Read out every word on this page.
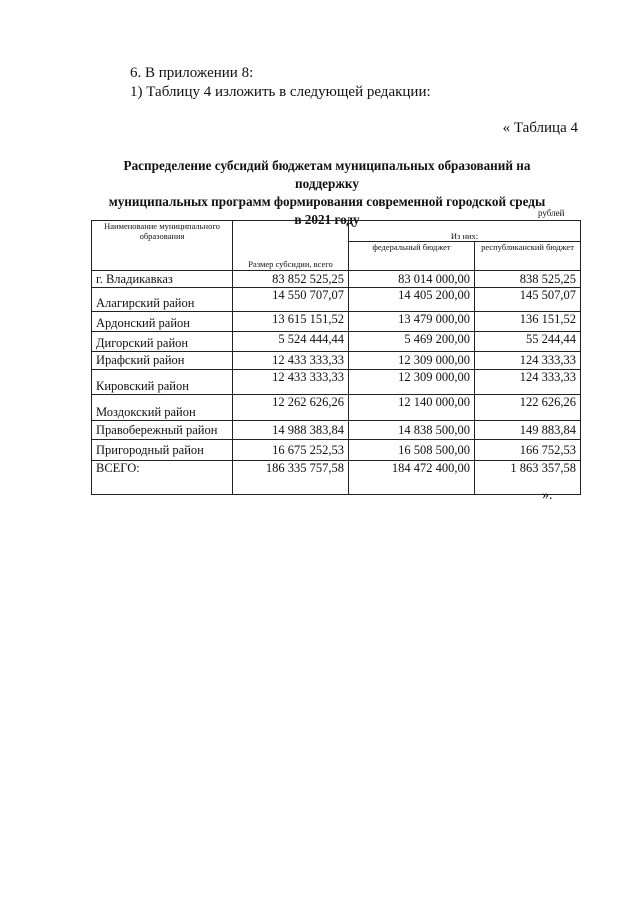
6. В приложении 8:
1) Таблицу 4 изложить в следующей редакции:
« Таблица 4
Распределение субсидий бюджетам муниципальных образований на поддержку
муниципальных программ формирования современной городской среды
в 2021 году	рублей
Наименование муниципального образования	Размер субсидии, всего	Из них:	
		федеральный бюджет	республиканский бюджет
г. Владикавказ	83 852 525,25	83 014 000,00	838 525,25
Алагирский район	14 550 707,07	14 405 200,00	145 507,07
Ардонский район	13 615 151,52	13 479 000,00	136 151,52
Дигорский район	5 524 444,44	5 469 200,00	55 244,44
Ирафский район	12 433 333,33	12 309 000,00	124 333,33
Кировский район	12 433 333,33	12 309 000,00	124 333,33
Моздокский район	12 262 626,26	12 140 000,00	122 626,26
Правобережный район	14 988 383,84	14 838 500,00	149 883,84
Пригородный район	16 675 252,53	16 508 500,00	166 752,53
ВСЕГО:	186 335 757,58	184 472 400,00	1 863 357,58
».
